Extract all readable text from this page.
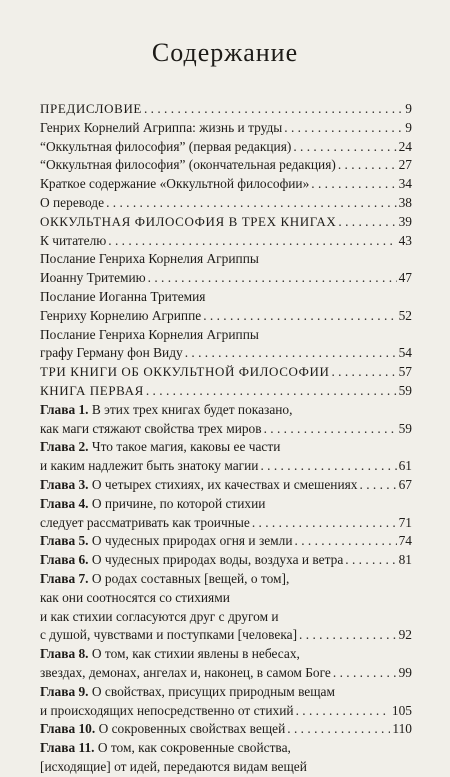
Содержание
ПРЕДИСЛОВИЕ . . .	9
Генрих Корнелий Агриппа: жизнь и труды . . .	9
“Оккультная философия” (первая редакция) . . .	24
“Оккультная философия” (окончательная редакция) . . .	27
Краткое содержание «Оккультной философии» . . .	34
О переводе . . .	38
ОККУЛЬТНАЯ ФИЛОСОФИЯ В ТРЕХ КНИГАХ . . .	39
К читателю . . .	43
Послание Генриха Корнелия Агриппы
Иоанну Тритемию . . .	47
Послание Иоганна Тритемия
Генриху Корнелию Агриппе . . .	52
Послание Генриха Корнелия Агриппы
графу Герману фон Виду . . .	54
ТРИ КНИГИ ОБ ОККУЛЬТНОЙ ФИЛОСОФИИ . . .	57
КНИГА ПЕРВАЯ . . .	59
Глава 1. В этих трех книгах будет показано,
как маги стяжают свойства трех миров . . .	59
Глава 2. Что такое магия, каковы ее части
и каким надлежит быть знатоку магии . . .	61
Глава 3. О четырех стихиях, их качествах и смешениях . . .	67
Глава 4. О причине, по которой стихии
следует рассматривать как троичные . . .	71
Глава 5. О чудесных природах огня и земли . . .	74
Глава 6. О чудесных природах воды, воздуха и ветра . . .	81
Глава 7. О родах составных [вещей, о том],
как они соотносятся со стихиями
и как стихии согласуются друг с другом и
с душой, чувствами и поступками [человека] . . .	92
Глава 8. О том, как стихии явлены в небесах,
звездах, демонах, ангелах и, наконец, в самом Боге . . .	99
Глава 9. О свойствах, присущих природным вещам
и происходящих непосредственно от стихий . . .	105
Глава 10. О сокровенных свойствах вещей . . .	110
Глава 11. О том, как сокровенные свойства,
[исходящие] от идей, передаются видам вещей
